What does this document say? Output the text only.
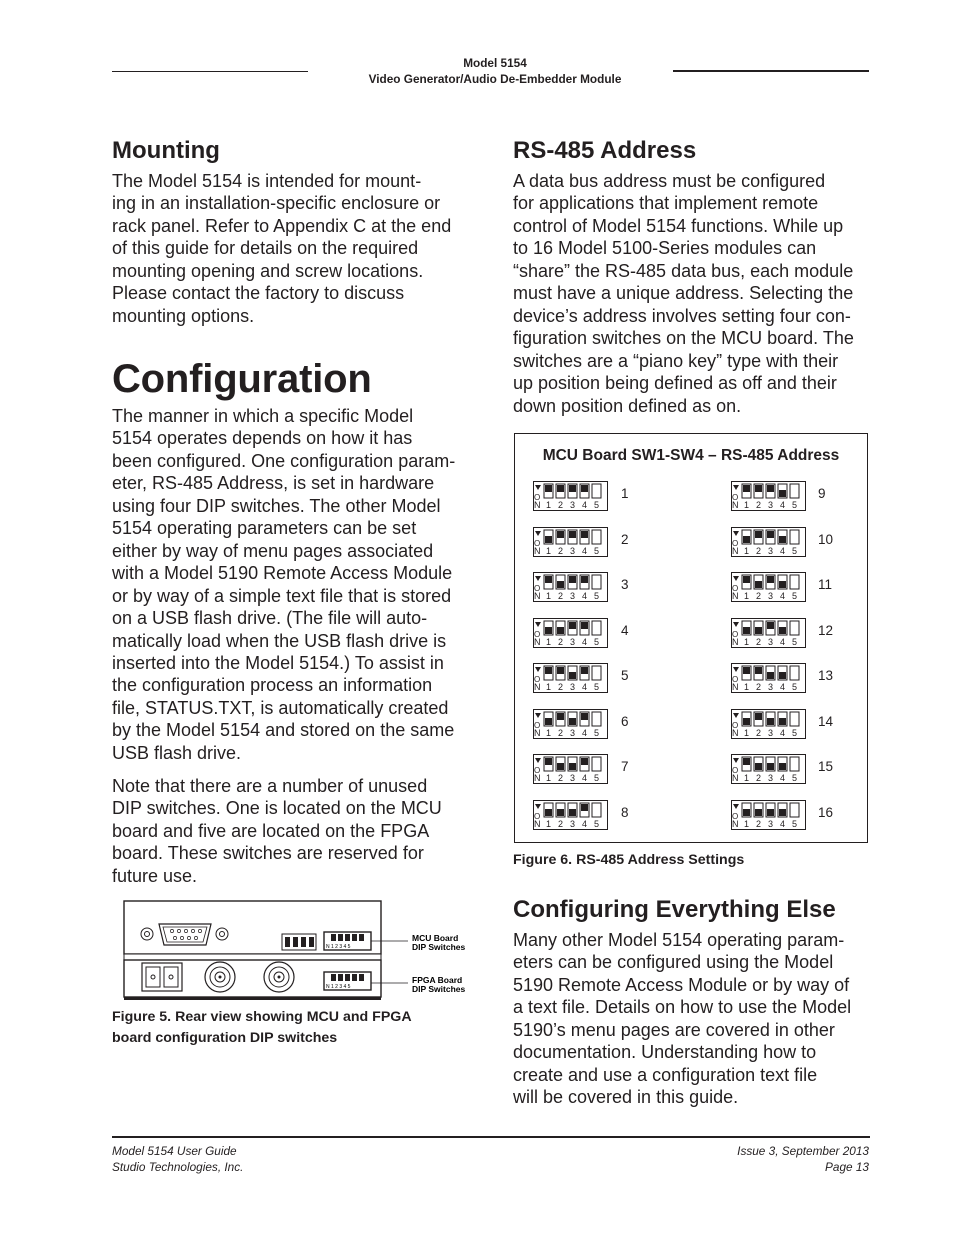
Model 5154
Video Generator/Audio De-Embedder Module
Mounting
The Model 5154 is intended for mount-
ing in an installation-specific enclosure or
rack panel. Refer to Appendix C at the end
of this guide for details on the required
mounting opening and screw locations.
Please contact the factory to discuss
mounting options.
Configuration
The manner in which a specific Model
5154 operates depends on how it has
been configured. One configuration param-
eter, RS-485 Address, is set in hardware
using four DIP switches. The other Model
5154 operating parameters can be set
either by way of menu pages associated
with a Model 5190 Remote Access Module
or by way of a simple text file that is stored
on a USB flash drive. (The file will auto-
matically load when the USB flash drive is
inserted into the Model 5154.) To assist in
the configuration process an information
file, STATUS.TXT, is automatically created
by the Model 5154 and stored on the same
USB flash drive.
Note that there are a number of unused
DIP switches. One is located on the MCU
board and five are located on the FPGA
board. These switches are reserved for
future use.
N 1 2 3 4 5
N 1 2 3 4 5
MCU Board
DIP Switches
FPGA Board
DIP Switches
Figure 5. Rear view showing MCU and FPGA
board configuration DIP switches
RS-485 Address
A data bus address must be configured
for applications that implement remote
control of Model 5154 functions. While up
to 16 Model 5100-Series modules can
“share” the RS-485 data bus, each module
must have a unique address. Selecting the
device’s address involves setting four con-
figuration switches on the MCU board. The
switches are a “piano key” type with their
up position being defined as off and their
down position defined as on.
Configuring Everything Else
Many other Model 5154 operating param-
eters can be configured using the Model
5190 Remote Access Module or by way of
a text file. Details on how to use the Model
5190’s menu pages are covered in other
documentation. Understanding how to
create and use a configuration text file
will be covered in this guide.
MCU Board SW1-SW4 – RS-485 Address
N
O
1 2 3 4 5
1
N
O
1 2 3 4 5
2
N
O
1 2 3 4 5
3
N
O
1 2 3 4 5
4
N
O
1 2 3 4 5
5
N
O
1 2 3 4 5
6
N
O
1 2 3 4 5
7
N
O
1 2 3 4 5
8
N
O
1 2 3 4 5
9
N
O
1 2 3 4 5
10
N
O
1 2 3 4 5
11
N
O
1 2 3 4 5
12
N
O
1 2 3 4 5
13
N
O
1 2 3 4 5
14
N
O
1 2 3 4 5
15
N
O
1 2 3 4 5
16
Figure 6. RS-485 Address Settings
Model 5154 User Guide
Studio Technologies, Inc.
Issue 3, September 2013
Page 13
